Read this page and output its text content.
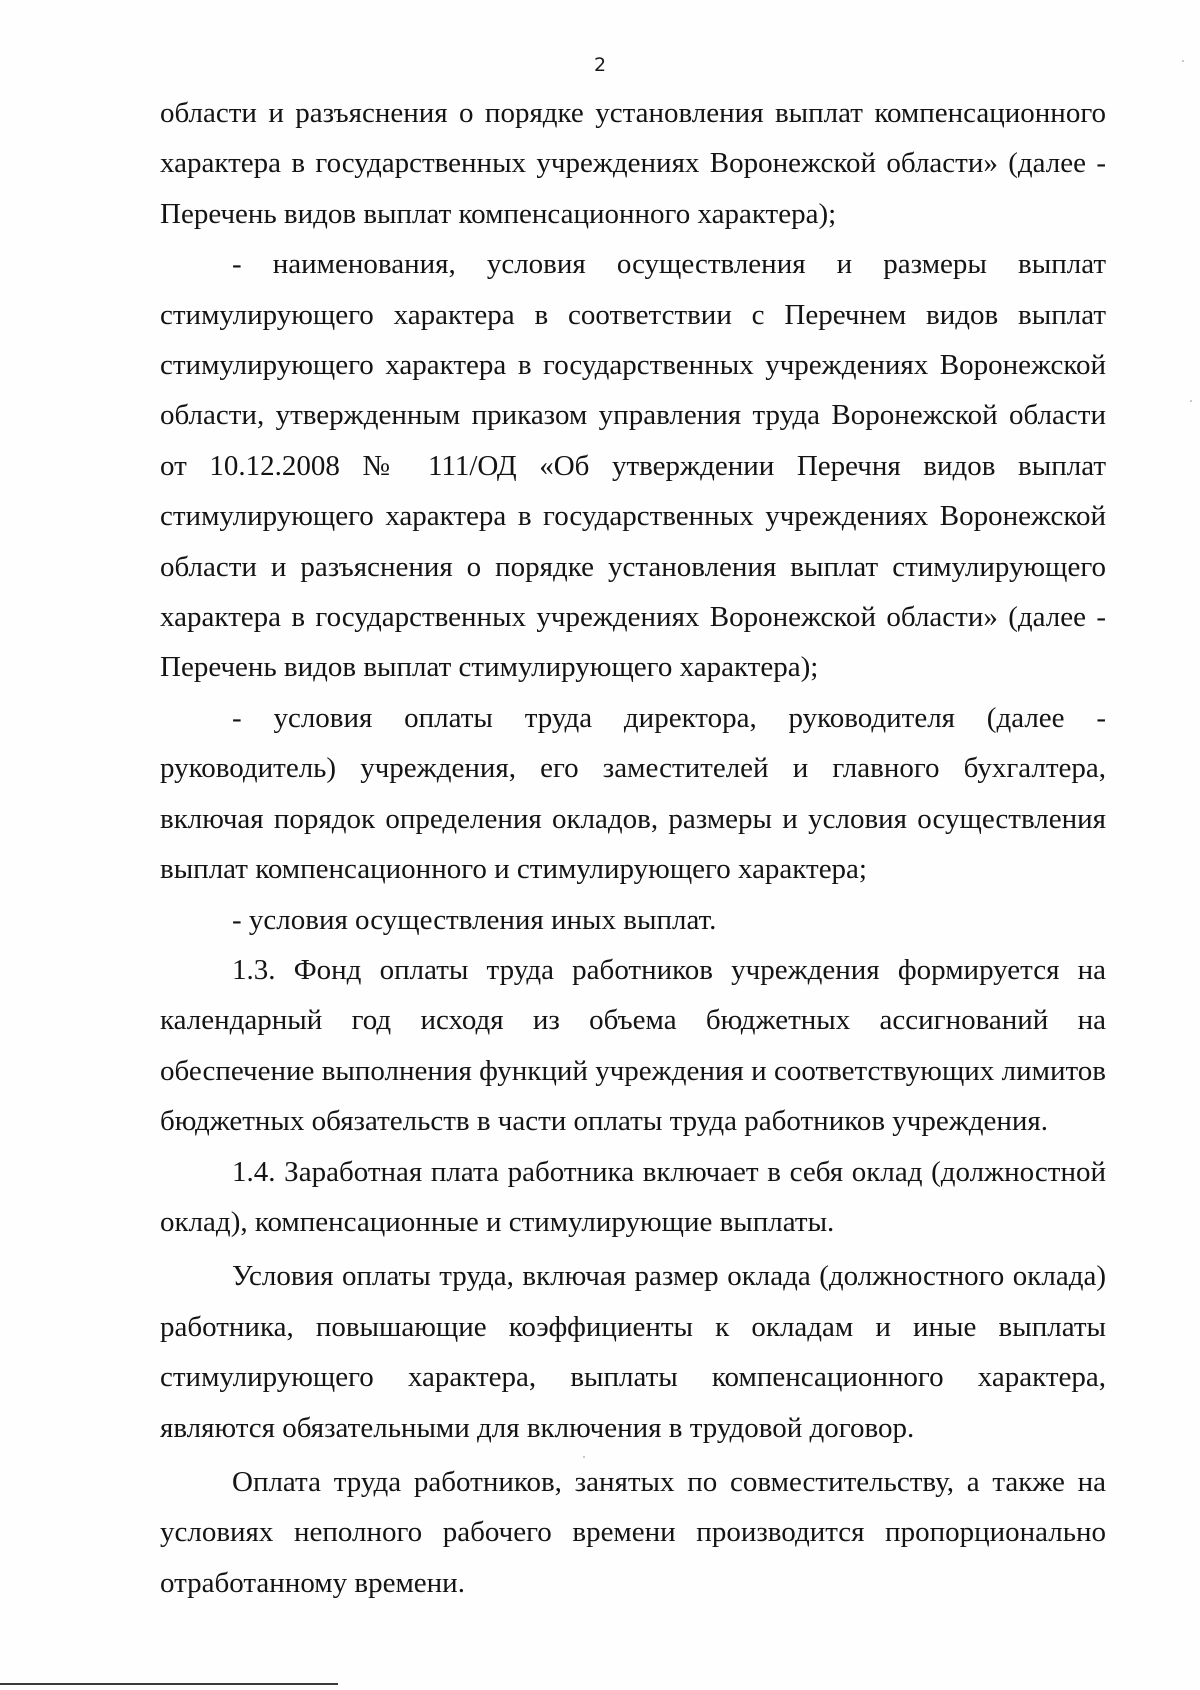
2

области и разъяснения о порядке установления выплат компенсационного характера в государственных учреждениях Воронежской области» (далее - Перечень видов выплат компенсационного характера);

- наименования, условия осуществления и размеры выплат стимулирующего характера в соответствии с Перечнем видов выплат стимулирующего характера в государственных учреждениях Воронежской области, утвержденным приказом управления труда Воронежской области от 10.12.2008 № 111/ОД «Об утверждении Перечня видов выплат стимулирующего характера в государственных учреждениях Воронежской области и разъяснения о порядке установления выплат стимулирующего характера в государственных учреждениях Воронежской области» (далее - Перечень видов выплат стимулирующего характера);

- условия оплаты труда директора, руководителя (далее - руководитель) учреждения, его заместителей и главного бухгалтера, включая порядок определения окладов, размеры и условия осуществления выплат компенсационного и стимулирующего характера;

- условия осуществления иных выплат.

1.3. Фонд оплаты труда работников учреждения формируется на календарный год исходя из объема бюджетных ассигнований на обеспечение выполнения функций учреждения и соответствующих лимитов бюджетных обязательств в части оплаты труда работников учреждения.

1.4. Заработная плата работника включает в себя оклад (должностной оклад), компенсационные и стимулирующие выплаты.

Условия оплаты труда, включая размер оклада (должностного оклада) работника, повышающие коэффициенты к окладам и иные выплаты стимулирующего характера, выплаты компенсационного характера, являются обязательными для включения в трудовой договор.

Оплата труда работников, занятых по совместительству, а также на условиях неполного рабочего времени производится пропорционально отработанному времени.
